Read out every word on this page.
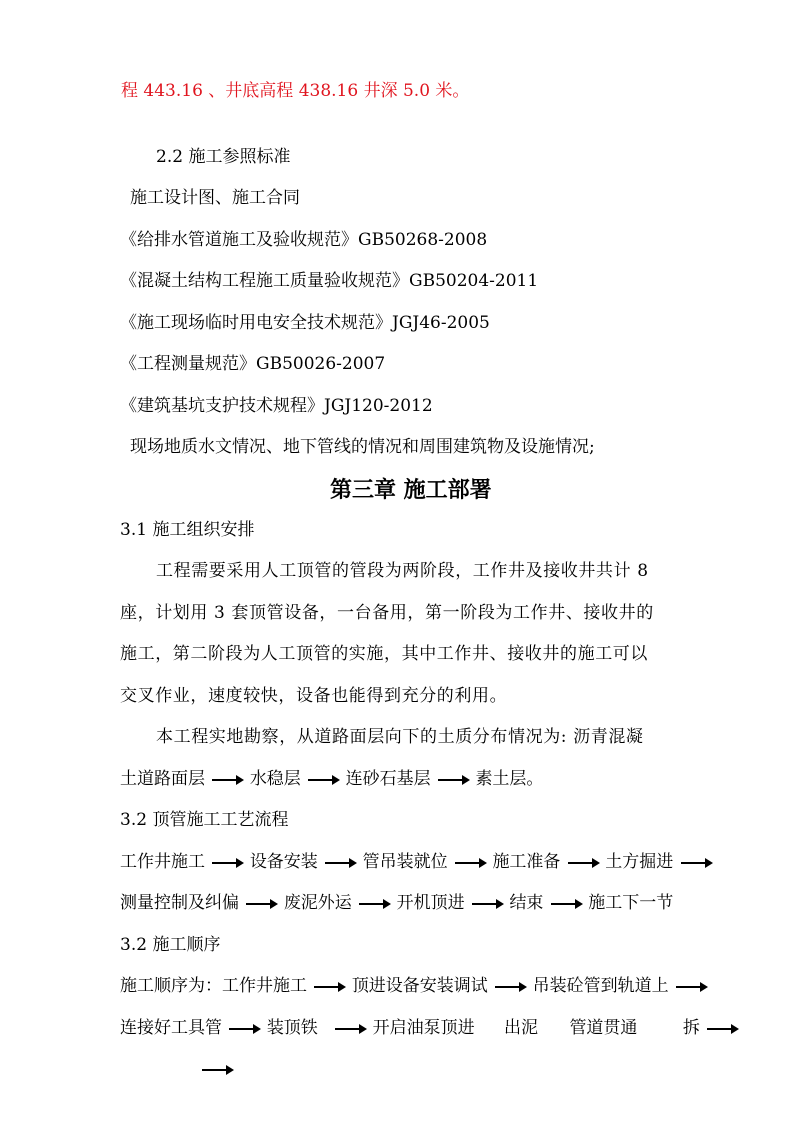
程 443.16 、井底高程 438.16 井深 5.0 米。
2.2 施工参照标准
施工设计图、施工合同
《给排水管道施工及验收规范》GB50268-2008
《混凝土结构工程施工质量验收规范》GB50204-2011
《施工现场临时用电安全技术规范》JGJ46-2005
《工程测量规范》GB50026-2007
《建筑基坑支护技术规程》JGJ120-2012
现场地质水文情况、地下管线的情况和周围建筑物及设施情况;
第三章 施工部署
3.1 施工组织安排
工程需要采用人工顶管的管段为两阶段，工作井及接收井共计 8
座，计划用 3 套顶管设备，一台备用，第一阶段为工作井、接收井的
施工，第二阶段为人工顶管的实施，其中工作井、接收井的施工可以
交叉作业，速度较快，设备也能得到充分的利用。
本工程实地勘察，从道路面层向下的土质分布情况为: 沥青混凝
土道路面层	水稳层	连砂石基层	素土层。
3.2 顶管施工工艺流程
工作井施工	设备安装	管吊装就位	施工准备	土方掘进
测量控制及纠偏	废泥外运	开机顶进	结束	施工下一节
3.2 施工顺序
施工顺序为：工作井施工	顶进设备安装调试	吊装砼管到轨道上
连接好工具管	装顶铁	开启油泵顶进 出泥 管道贯通	拆
